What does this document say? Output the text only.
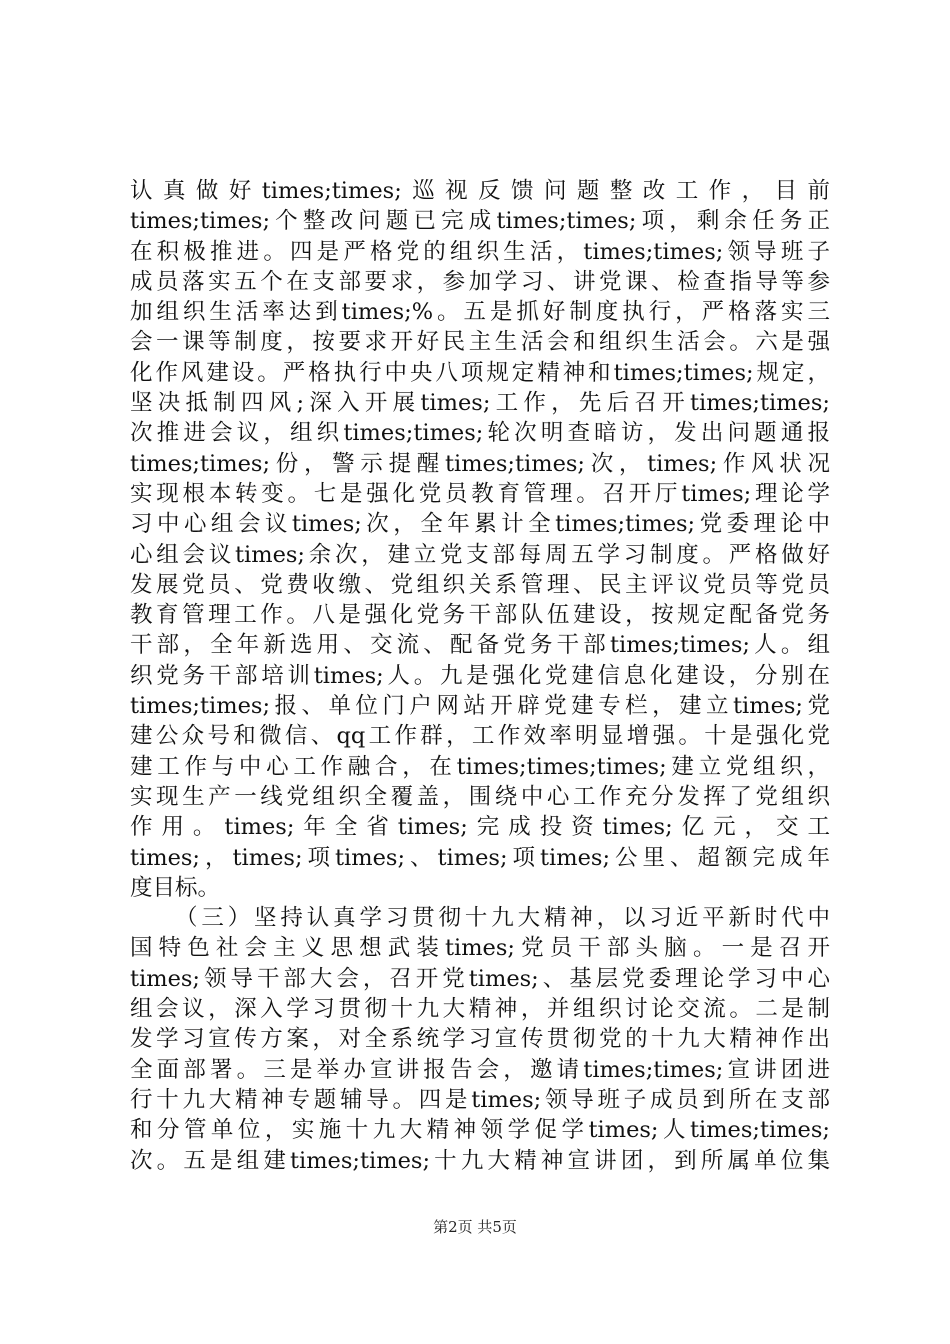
认真做好times;times;巡视反馈问题整改工作，目前
times;times;个整改问题已完成times;times;项，剩余任务正
在积极推进。四是严格党的组织生活，times;times;领导班子
成员落实五个在支部要求，参加学习、讲党课、检查指导等参
加组织生活率达到times;%。五是抓好制度执行，严格落实三
会一课等制度，按要求开好民主生活会和组织生活会。六是强
化作风建设。严格执行中央八项规定精神和times;times;规定，
坚决抵制四风;深入开展times;工作，先后召开times;times;
次推进会议，组织times;times;轮次明查暗访，发出问题通报
times;times;份，警示提醒times;times;次，times;作风状况
实现根本转变。七是强化党员教育管理。召开厅times;理论学
习中心组会议times;次，全年累计全times;times;党委理论中
心组会议times;余次，建立党支部每周五学习制度。严格做好
发展党员、党费收缴、党组织关系管理、民主评议党员等党员
教育管理工作。八是强化党务干部队伍建设，按规定配备党务
干部，全年新选用、交流、配备党务干部times;times;人。组
织党务干部培训times;人。九是强化党建信息化建设，分别在
times;times;报、单位门户网站开辟党建专栏，建立times;党
建公众号和微信、qq工作群，工作效率明显增强。十是强化党
建工作与中心工作融合，在times;times;times;建立党组织，
实现生产一线党组织全覆盖，围绕中心工作充分发挥了党组织
作用。times;年全省times;完成投资times;亿元，交工
times;，times;项times;、times;项times;公里、超额完成年
度目标。
（三）坚持认真学习贯彻十九大精神，以习近平新时代中
国特色社会主义思想武装times;党员干部头脑。一是召开
times;领导干部大会，召开党times;、基层党委理论学习中心
组会议，深入学习贯彻十九大精神，并组织讨论交流。二是制
发学习宣传方案，对全系统学习宣传贯彻党的十九大精神作出
全面部署。三是举办宣讲报告会，邀请times;times;宣讲团进
行十九大精神专题辅导。四是times;领导班子成员到所在支部
和分管单位，实施十九大精神领学促学times;人times;times;
次。五是组建times;times;十九大精神宣讲团，到所属单位集
第2页 共5页
